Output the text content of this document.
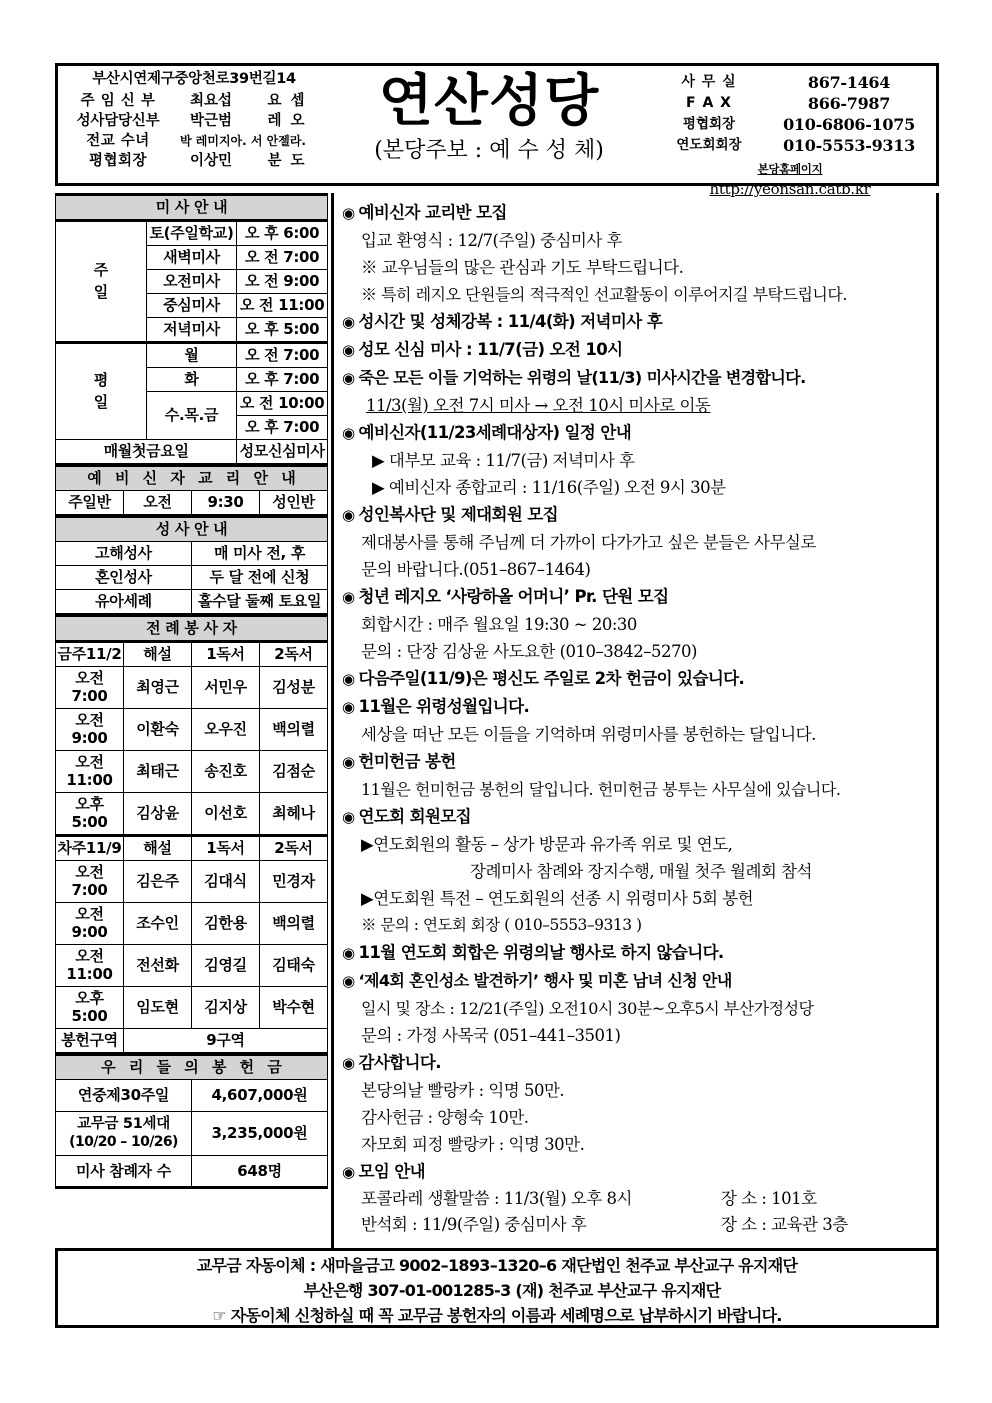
부산시연제구중앙천로39번길14
주 임 신 부	최요섭	요 셉
성사담당신부	박근범	레 오
전교 수녀	박 레미지아. 서 안젤라.
평협회장	이상민	분 도
연산성당
(본당주보 : 예 수 성 체)
사 무 실	867-1464
F A X	866-7987
평협회장	010-6806-1075
연도회회장	010-5553-9313
본당홈페이지
http://yeonsan.catb.kr
미 사 안 내		

주
일	토(주일학교)	오 후 6:00
	새벽미사	오 전 7:00
	오전미사	오 전 9:00
	중심미사	오 전 11:00
	저녁미사	오 후 5:00

평
일	월	오 전 7:00
	화	오 후 7:00
	수.목.금	오 전 10:00
		오 후 7:00
매월첫금요일		성모신심미사
예 비 신 자 교 리 안 내
주일반	오전	9:30	성인반
성 사 안 내	
고해성사	매 미사 전, 후
혼인성사	두 달 전에 신청
유아세례	홀수달 둘째 토요일
전 례 봉 사 자			
금주11/2	해설	1독서	2독서
오전 7:00	최영근	서민우	김성분
오전 9:00	이환숙	오우진	백의렬
오전11:00	최태근	송진호	김점순
오후 5:00	김상윤	이선호	최헤나
차주11/9	해설	1독서	2독서
오전 7:00	김은주	김대식	민경자
오전 9:00	조수인	김한용	백의렬
오전11:00	전선화	김영길	김태숙
오후 5:00	임도현	김지상	박수현
봉헌구역	9구역		
우 리 들 의 봉 헌 금	
연중제30주일	4,607,000원

교무금 51세대
(10/20 – 10/26)	3,235,000원
미사 참례자 수	648명
◉ 예비신자 교리반 모집
입교 환영식 : 12/7(주일) 중심미사 후
※ 교우님들의 많은 관심과 기도 부탁드립니다.
※ 특히 레지오 단원들의 적극적인 선교활동이 이루어지길 부탁드립니다.
◉ 성시간 및 성체강복 : 11/4(화) 저녁미사 후
◉ 성모 신심 미사 : 11/7(금) 오전 10시
◉ 죽은 모든 이들 기억하는 위령의 날(11/3) 미사시간을 변경합니다.
11/3(월) 오전 7시 미사 → 오전 10시 미사로 이동
◉ 예비신자(11/23세례대상자) 일정 안내
▶ 대부모 교육 : 11/7(금) 저녁미사 후
▶ 예비신자 종합교리 : 11/16(주일) 오전 9시 30분
◉ 성인복사단 및 제대회원 모집
제대봉사를 통해 주님께 더 가까이 다가가고 싶은 분들은 사무실로
문의 바랍니다.(051–867–1464)
◉ 청년 레지오 ‘사랑하올 어머니’ Pr. 단원 모집
회합시간 : 매주 월요일 19:30 ~ 20:30
문의 : 단장 김상윤 사도요한 (010–3842–5270)
◉ 다음주일(11/9)은 평신도 주일로 2차 헌금이 있습니다.
◉ 11월은 위령성월입니다.
세상을 떠난 모든 이들을 기억하며 위령미사를 봉헌하는 달입니다.
◉ 헌미헌금 봉헌
11월은 헌미헌금 봉헌의 달입니다. 헌미헌금 봉투는 사무실에 있습니다.
◉ 연도회 회원모집
▶연도회원의 활동 – 상가 방문과 유가족 위로 및 연도,
장례미사 참례와 장지수행, 매월 첫주 월례회 참석
▶연도회원 특전 – 연도회원의 선종 시 위령미사 5회 봉헌
※ 문의 : 연도회 회장 ( 010–5553–9313 )
◉ 11월 연도회 회합은 위령의날 행사로 하지 않습니다.
◉ ‘제4회 혼인성소 발견하기’ 행사 및 미혼 남녀 신청 안내
일시 및 장소 : 12/21(주일) 오전10시 30분~오후5시 부산가정성당
문의 : 가정 사목국 (051–441–3501)
◉ 감사합니다.
본당의날 빨랑카 : 익명 50만.
감사헌금 : 양형숙 10만.
자모회 피정 빨랑카 : 익명 30만.
◉ 모임 안내
포콜라레 생활말씀 : 11/3(월) 오후 8시	장 소 : 101호
반석회 : 11/9(주일) 중심미사 후	장 소 : 교육관 3층
교무금 자동이체 : 새마을금고 9002–1893–1320–6 재단법인 천주교 부산교구 유지재단
부산은행 307-01-001285-3 (재) 천주교 부산교구 유지재단
☞ 자동이체 신청하실 때 꼭 교무금 봉헌자의 이름과 세례명으로 납부하시기 바랍니다.
